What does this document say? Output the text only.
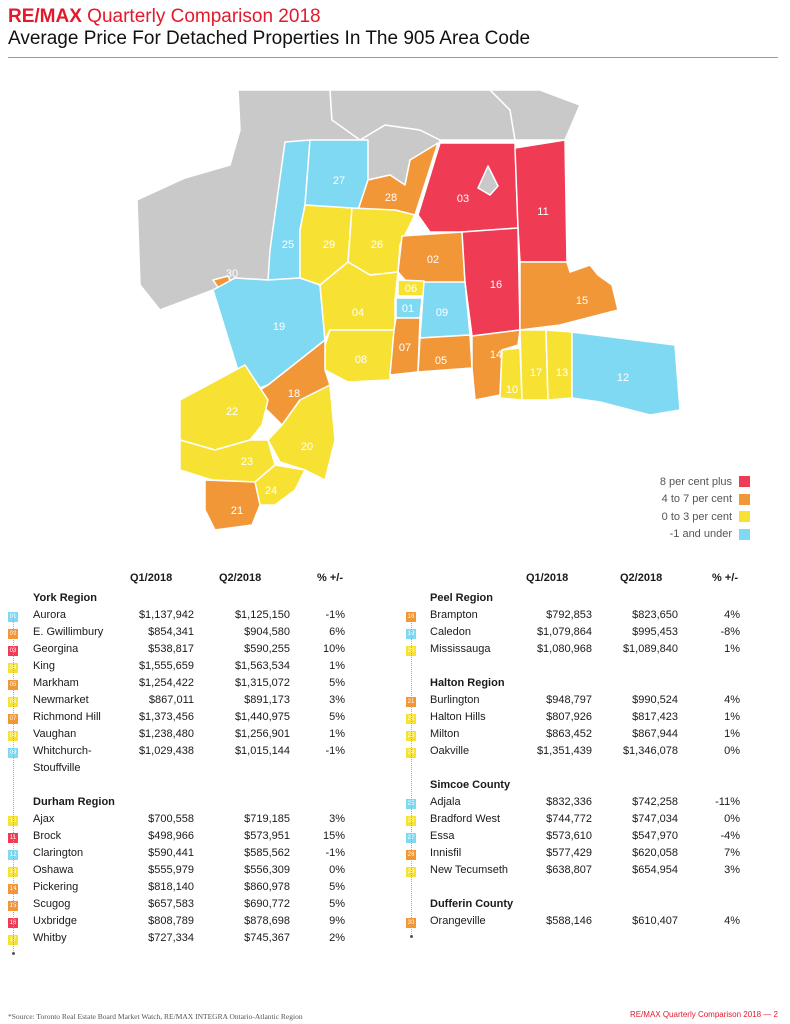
RE/MAX Quarterly Comparison 2018
Average Price For Detached Properties In The 905 Area Code
01
02
03
04
05
06
07
08
09
10
11
12
13
14
15
16
17
18
19
20
21
22
23
24
25	26
27
28
29
30
8 per cent plus
4 to 7 per cent
0 to 3 per cent
-1 and under
Q1/2018	Q2/2018	% +/-
York Region
01 Aurora	$1,137,942	$1,125,150	-1%
02 E. Gwillimbury	$854,341	$904,580	6%
03 Georgina	$538,817	$590,255	10%
04 King	$1,555,659	$1,563,534	1%
05 Markham	$1,254,422	$1,315,072	5%
06 Newmarket	$867,011	$891,173	3%
07 Richmond Hill	$1,373,456	$1,440,975	5%
08 Vaughan	$1,238,480	$1,256,901	1%
09 Whitchurch-	$1,029,438	$1,015,144	-1%
Stouffville
Durham Region
10 Ajax	$700,558	$719,185	3%
11 Brock	$498,966	$573,951	15%
12 Clarington	$590,441	$585,562	-1%
13 Oshawa	$555,979	$556,309	0%
14 Pickering	$818,140	$860,978	5%
15 Scugog	$657,583	$690,772	5%
16 Uxbridge	$808,789	$878,698	9%
17 Whitby	$727,334	$745,367	2%
Q1/2018	Q2/2018	% +/-
Peel Region
18 Brampton	$792,853	$823,650	4%
19 Caledon	$1,079,864	$995,453	-8%
20 Mississauga	$1,080,968	$1,089,840	1%
Halton Region
21 Burlington	$948,797	$990,524	4%
22 Halton Hills	$807,926	$817,423	1%
23 Milton	$863,452	$867,944	1%
24 Oakville	$1,351,439	$1,346,078	0%
Simcoe County
25 Adjala	$832,336	$742,258	-11%
26 Bradford West	$744,772	$747,034	0%
27 Essa	$573,610	$547,970	-4%
28 Innisfil	$577,429	$620,058	7%
29 New Tecumseth	$638,807	$654,954	3%
Dufferin County
30 Orangeville	$588,146	$610,407	4%
*Source: Toronto Real Estate Board Market Watch, RE/MAX INTEGRA Ontario-Atlantic Region	RE/MAX Quarterly Comparison 2018 — 2
